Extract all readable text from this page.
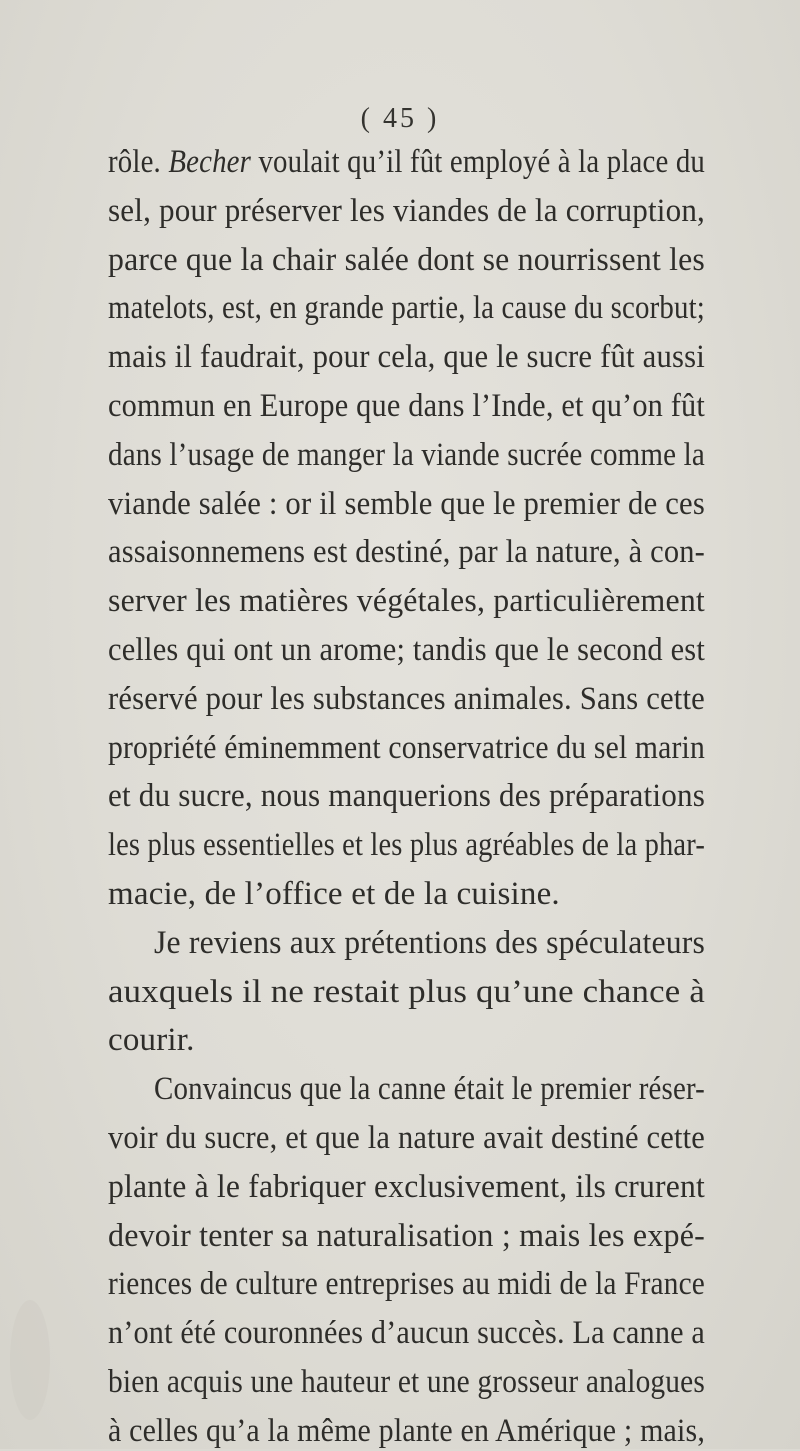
( 45 )
rôle. Becher voulait qu’il fût employé à la place du
sel, pour préserver les viandes de la corruption,
parce que la chair salée dont se nourrissent les
matelots, est, en grande partie, la cause du scorbut;
mais il faudrait, pour cela, que le sucre fût aussi
commun en Europe que dans l’Inde, et qu’on fût
dans l’usage de manger la viande sucrée comme la
viande salée : or il semble que le premier de ces
assaisonnemens est destiné, par la nature, à con-
server les matières végétales, particulièrement
celles qui ont un arome; tandis que le second est
réservé pour les substances animales. Sans cette
propriété éminemment conservatrice du sel marin
et du sucre, nous manquerions des préparations
les plus essentielles et les plus agréables de la phar-
macie, de l’office et de la cuisine.
Je reviens aux prétentions des spéculateurs
auxquels il ne restait plus qu’une chance à
courir.
Convaincus que la canne était le premier réser-
voir du sucre, et que la nature avait destiné cette
plante à le fabriquer exclusivement, ils crurent
devoir tenter sa naturalisation ; mais les expé-
riences de culture entreprises au midi de la France
n’ont été couronnées d’aucun succès. La canne a
bien acquis une hauteur et une grosseur analogues
à celles qu’a la même plante en Amérique ; mais,
